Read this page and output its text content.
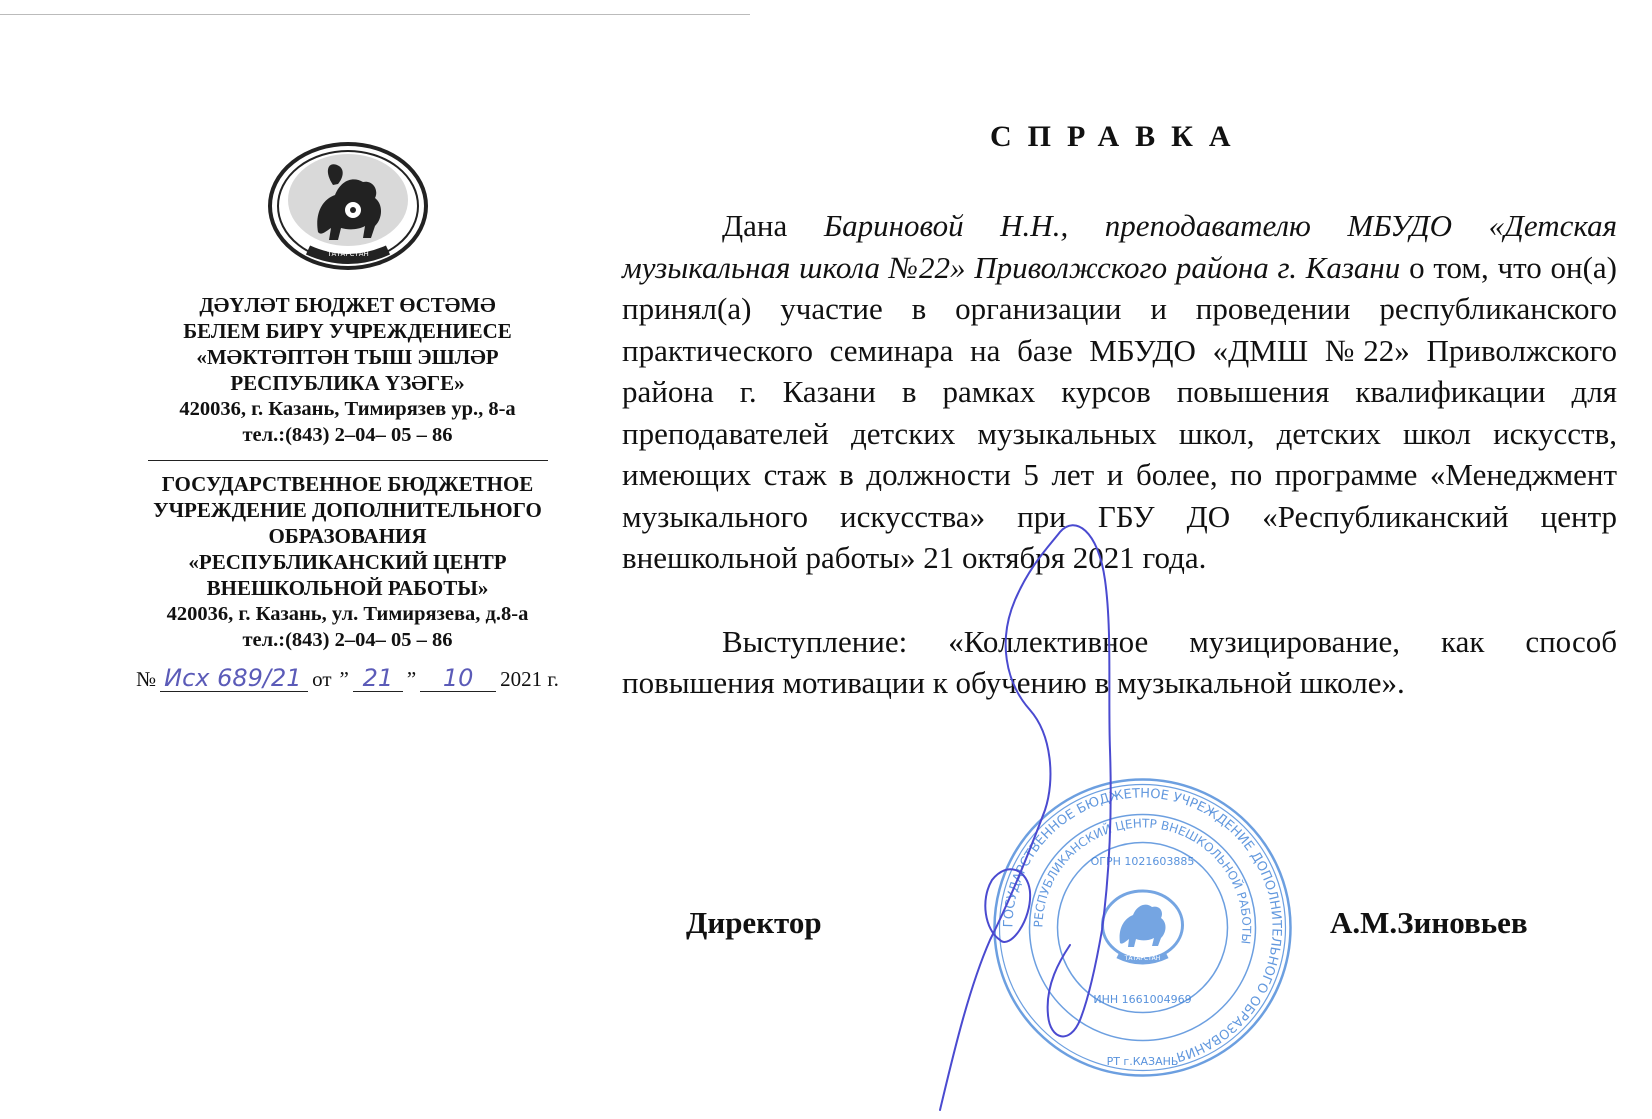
ТАТАРСТАН
ДӘҮЛӘТ БЮДЖЕТ ӨСТӘМӘ
БЕЛЕМ БИРҮ УЧРЕЖДЕНИЕСЕ
«МӘКТӘПТӘН ТЫШ ЭШЛӘР
РЕСПУБЛИКА ҮЗӘГЕ»
420036, г. Казань, Тимирязев ур., 8-а
тел.:(843) 2–04– 05 – 86
ГОСУДАРСТВЕННОЕ БЮДЖЕТНОЕ
УЧРЕЖДЕНИЕ ДОПОЛНИТЕЛЬНОГО
ОБРАЗОВАНИЯ
«РЕСПУБЛИКАНСКИЙ ЦЕНТР
ВНЕШКОЛЬНОЙ РАБОТЫ»
420036, г. Казань, ул. Тимирязева, д.8-а
тел.:(843) 2–04– 05 – 86
№ Исх 689/21 от ” 21 ”	10	2021 г.
СПРАВКА

Дана Бариновой Н.Н., преподавателю МБУДО «Детская музыкальная школа №22» Приволжского района г. Казани о том, что он(а) принял(а) участие в организации и проведении республиканского практического семинара на базе МБУДО «ДМШ №22» Приволжского района г. Казани в рамках курсов повышения квалификации для преподавателей детских музыкальных школ, детских школ искусств, имеющих стаж в должности 5 лет и более, по программе «Менеджмент музыкального искусства» при ГБУ ДО «Республиканский центр внешкольной работы» 21 октября 2021 года.

Выступление: «Коллективное музицирование, как способ повышения мотивации к обучению в музыкальной школе».

Директор	А.М.Зиновьев
ГОСУДАРСТВЕННОЕ БЮДЖЕТНОЕ УЧРЕЖДЕНИЕ ДОПОЛНИТЕЛЬНОГО ОБРАЗОВАНИЯ
РЕСПУБЛИКАНСКИЙ ЦЕНТР ВНЕШКОЛЬНОЙ РАБОТЫ
ОГРН 1021603885
ИНН 1661004969
РТ г.КАЗАНЬ
ТАТАРСТАН
